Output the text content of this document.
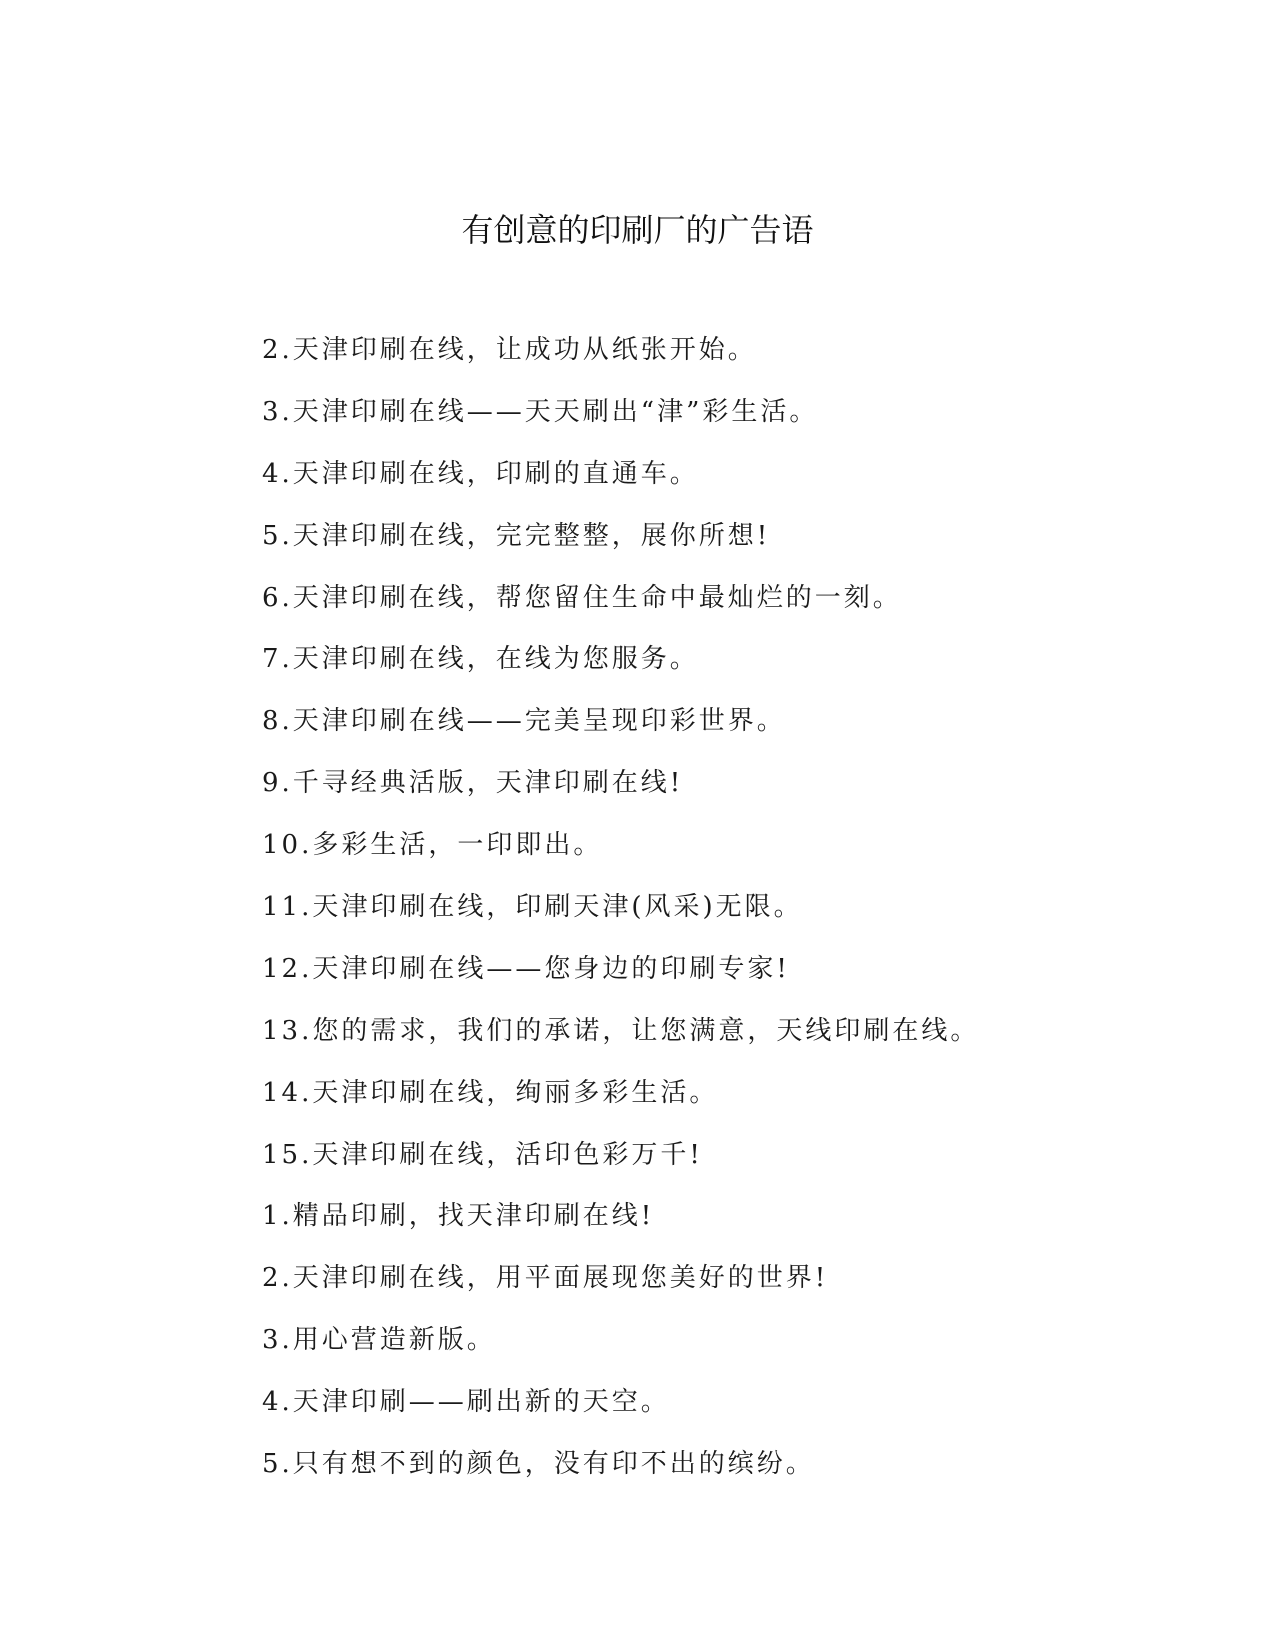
有创意的印刷厂的广告语
2.天津印刷在线，让成功从纸张开始。
3.天津印刷在线——天天刷出“津”彩生活。
4.天津印刷在线，印刷的直通车。
5.天津印刷在线，完完整整，展你所想!
6.天津印刷在线，帮您留住生命中最灿烂的一刻。
7.天津印刷在线，在线为您服务。
8.天津印刷在线——完美呈现印彩世界。
9.千寻经典活版，天津印刷在线!
10.多彩生活，一印即出。
11.天津印刷在线，印刷天津(风采)无限。
12.天津印刷在线——您身边的印刷专家!
13.您的需求，我们的承诺，让您满意，天线印刷在线。
14.天津印刷在线，绚丽多彩生活。
15.天津印刷在线，活印色彩万千!
1.精品印刷，找天津印刷在线!
2.天津印刷在线，用平面展现您美好的世界!
3.用心营造新版。
4.天津印刷——刷出新的天空。
5.只有想不到的颜色，没有印不出的缤纷。
